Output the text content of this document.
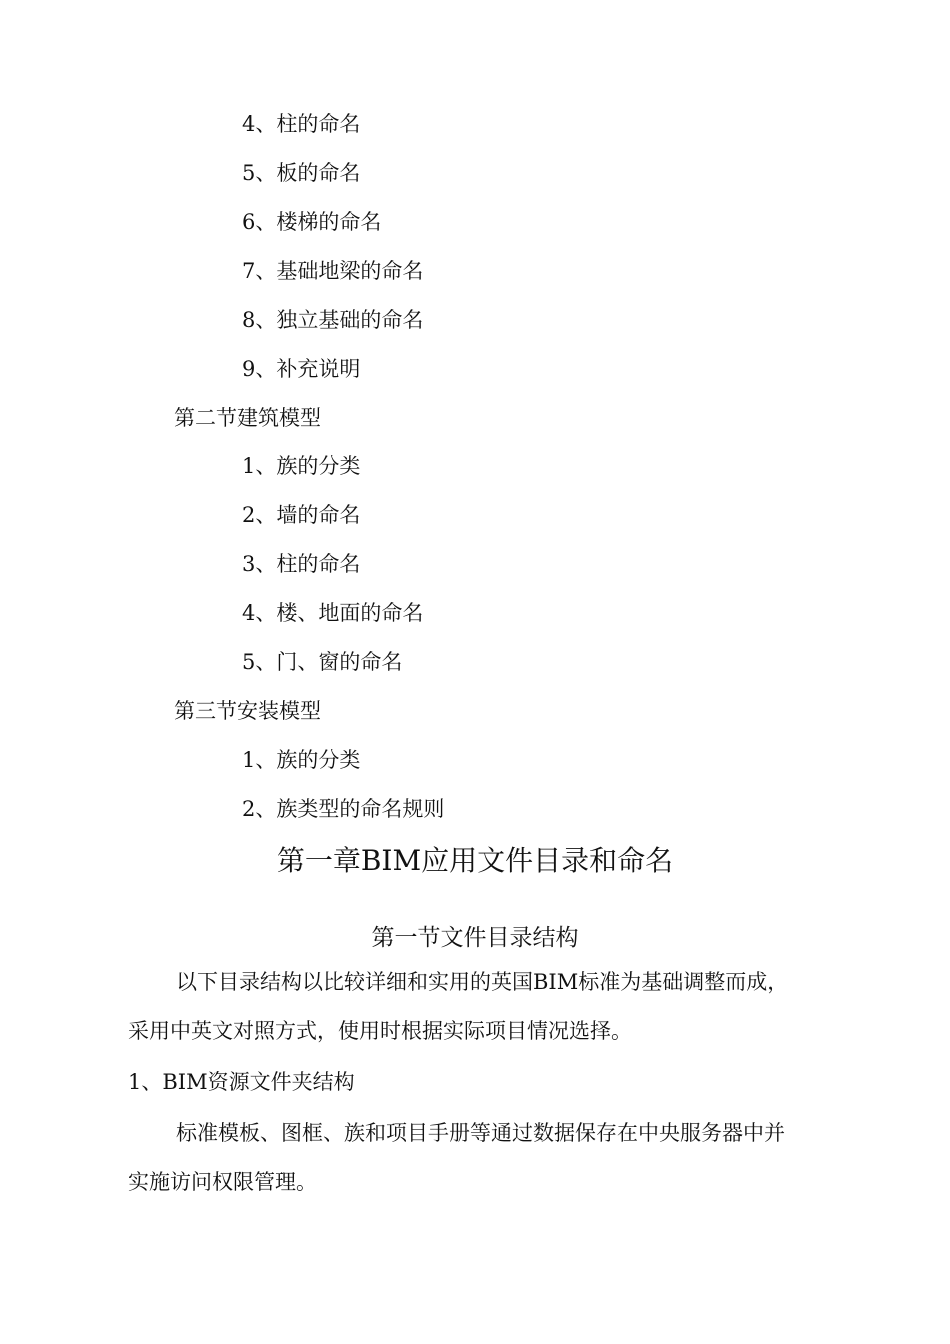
4、柱的命名
5、板的命名
6、楼梯的命名
7、基础地梁的命名
8、独立基础的命名
9、补充说明
第二节建筑模型
1、族的分类
2、墙的命名
3、柱的命名
4、楼、地面的命名
5、门、窗的命名
第三节安装模型
1、族的分类
2、族类型的命名规则
第一章BIM应用文件目录和命名
第一节文件目录结构
以下目录结构以比较详细和实用的英国BIM标准为基础调整而成，
采用中英文对照方式，使用时根据实际项目情况选择。
1、BIM资源文件夹结构
标准模板、图框、族和项目手册等通过数据保存在中央服务器中并
实施访问权限管理。
